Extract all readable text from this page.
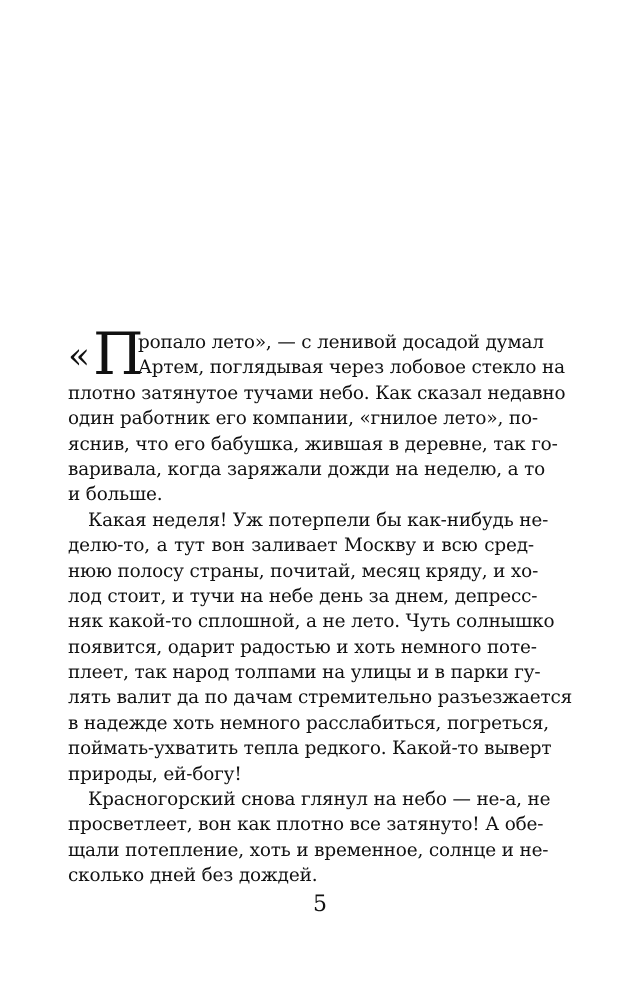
« П
ропало лето», — с ленивой досадой думал
Артем, поглядывая через лобовое стекло на
плотно затянутое тучами небо. Как сказал недавно
один работник его компании, «гнилое лето», по-
яснив, что его бабушка, жившая в деревне, так го-
варивала, когда заряжали дожди на неделю, а то
и больше.
Какая неделя! Уж потерпели бы как-нибудь не-
делю-то, а тут вон заливает Москву и всю сред-
нюю полосу страны, почитай, месяц кряду, и хо-
лод стоит, и тучи на небе день за днем, депресс-
няк какой-то сплошной, а не лето. Чуть солнышко
появится, одарит радостью и хоть немного поте-
плеет, так народ толпами на улицы и в парки гу-
лять валит да по дачам стремительно разъезжается
в надежде хоть немного расслабиться, погреться,
поймать-ухватить тепла редкого. Какой-то выверт
природы, ей-богу!
Красногорский снова глянул на небо — не-а, не
просветлеет, вон как плотно все затянуто! А обе-
щали потепление, хоть и временное, солнце и не-
сколько дней без дождей.
5
